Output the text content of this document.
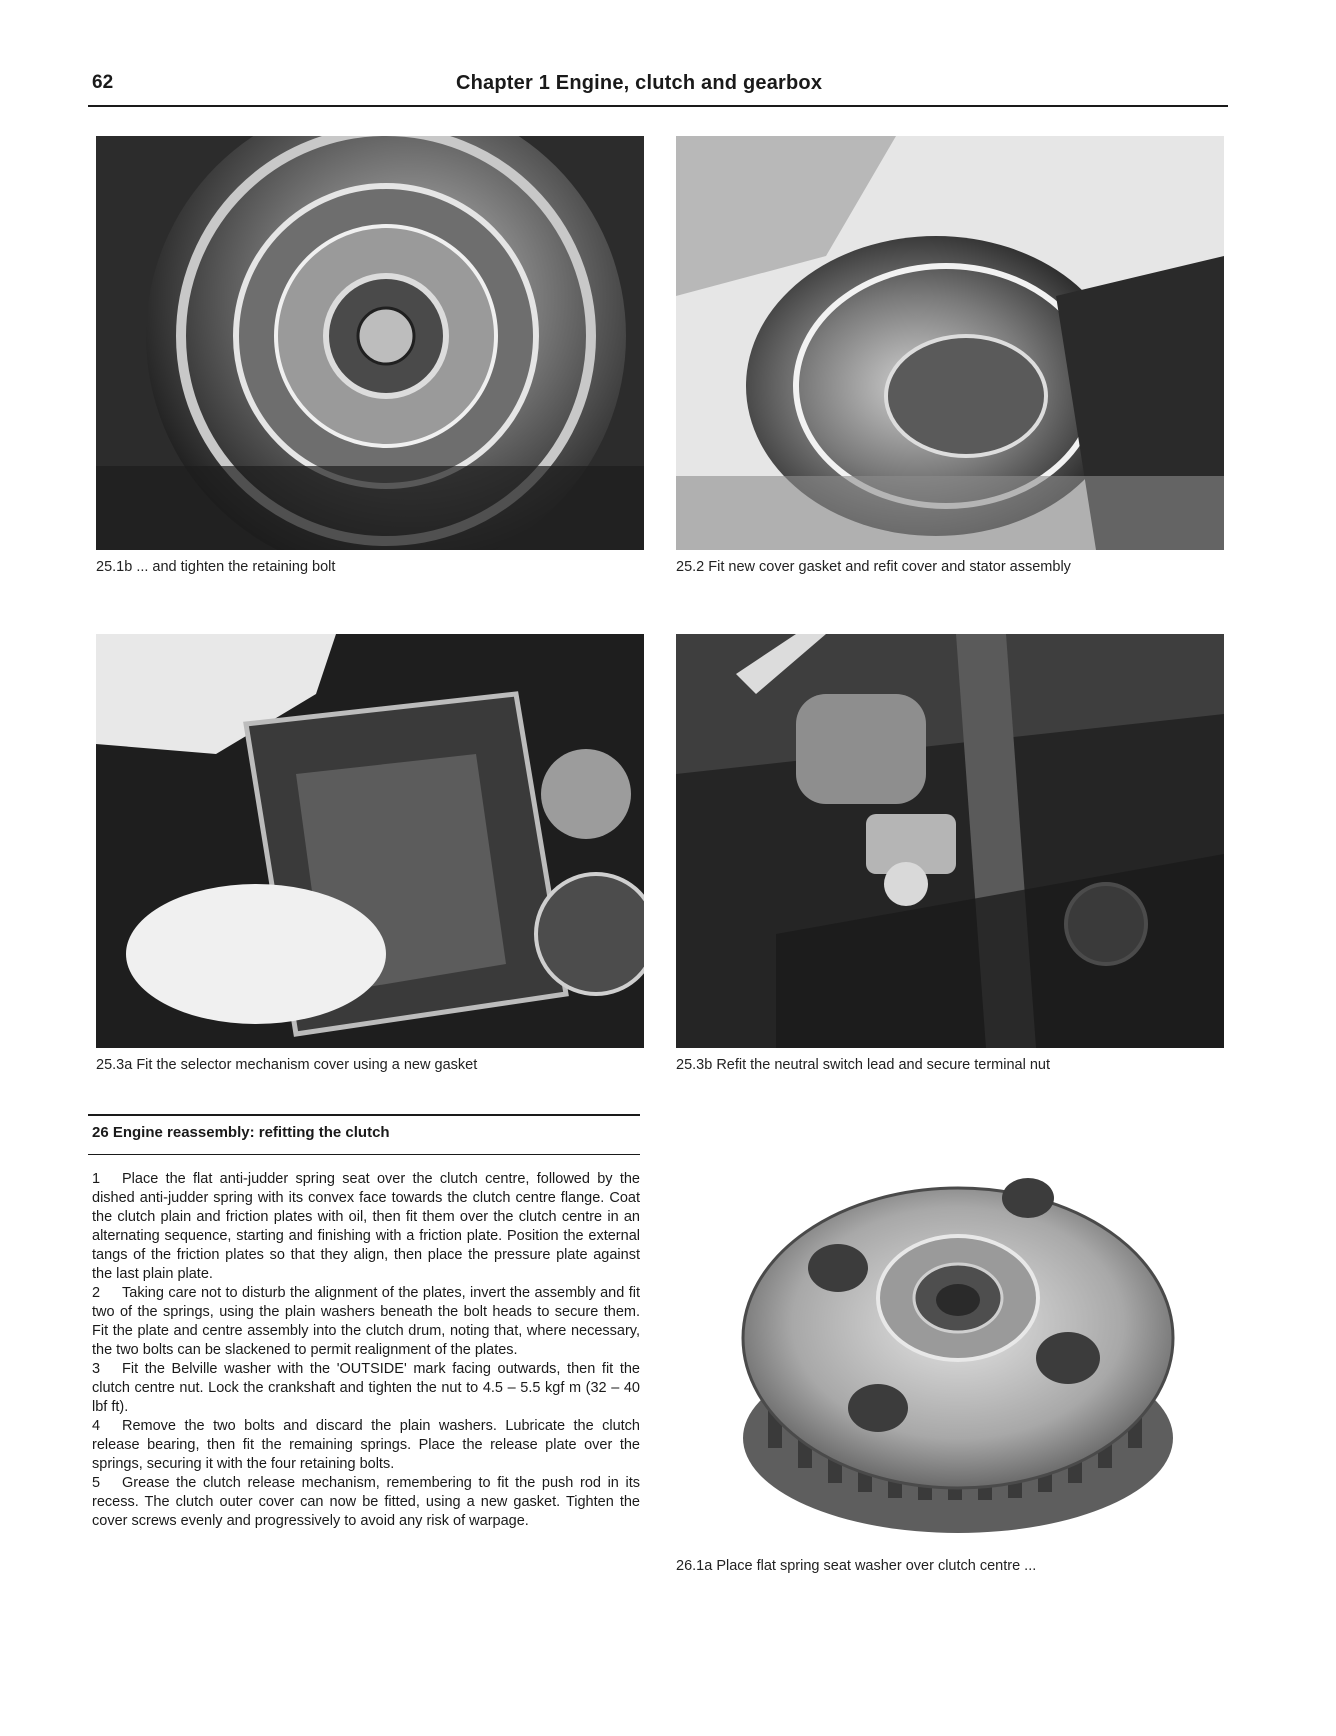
62	Chapter 1 Engine, clutch and gearbox
25.1b ... and tighten the retaining bolt	25.2 Fit new cover gasket and refit cover and stator assembly
25.3a Fit the selector mechanism cover using a new gasket	25.3b Refit the neutral switch lead and secure terminal nut
26 Engine reassembly: refitting the clutch

1 Place the flat anti-judder spring seat over the clutch centre, followed by the dished anti-judder spring with its convex face towards the clutch centre flange. Coat the clutch plain and friction plates with oil, then fit them over the clutch centre in an alternating sequence, starting and finishing with a friction plate. Position the external tangs of the friction plates so that they align, then place the pressure plate against the last plain plate.

2 Taking care not to disturb the alignment of the plates, invert the assembly and fit two of the springs, using the plain washers beneath the bolt heads to secure them. Fit the plate and centre assembly into the clutch drum, noting that, where necessary, the two bolts can be slackened to permit realignment of the plates.

3 Fit the Belville washer with the 'OUTSIDE' mark facing outwards, then fit the clutch centre nut. Lock the crankshaft and tighten the nut to 4.5 – 5.5 kgf m (32 – 40 lbf ft).

4 Remove the two bolts and discard the plain washers. Lubricate the clutch release bearing, then fit the remaining springs. Place the release plate over the springs, securing it with the four retaining bolts.

5 Grease the clutch release mechanism, remembering to fit the push rod in its recess. The clutch outer cover can now be fitted, using a new gasket. Tighten the cover screws evenly and progressively to avoid any risk of warpage.

26.1a Place flat spring seat washer over clutch centre ...
